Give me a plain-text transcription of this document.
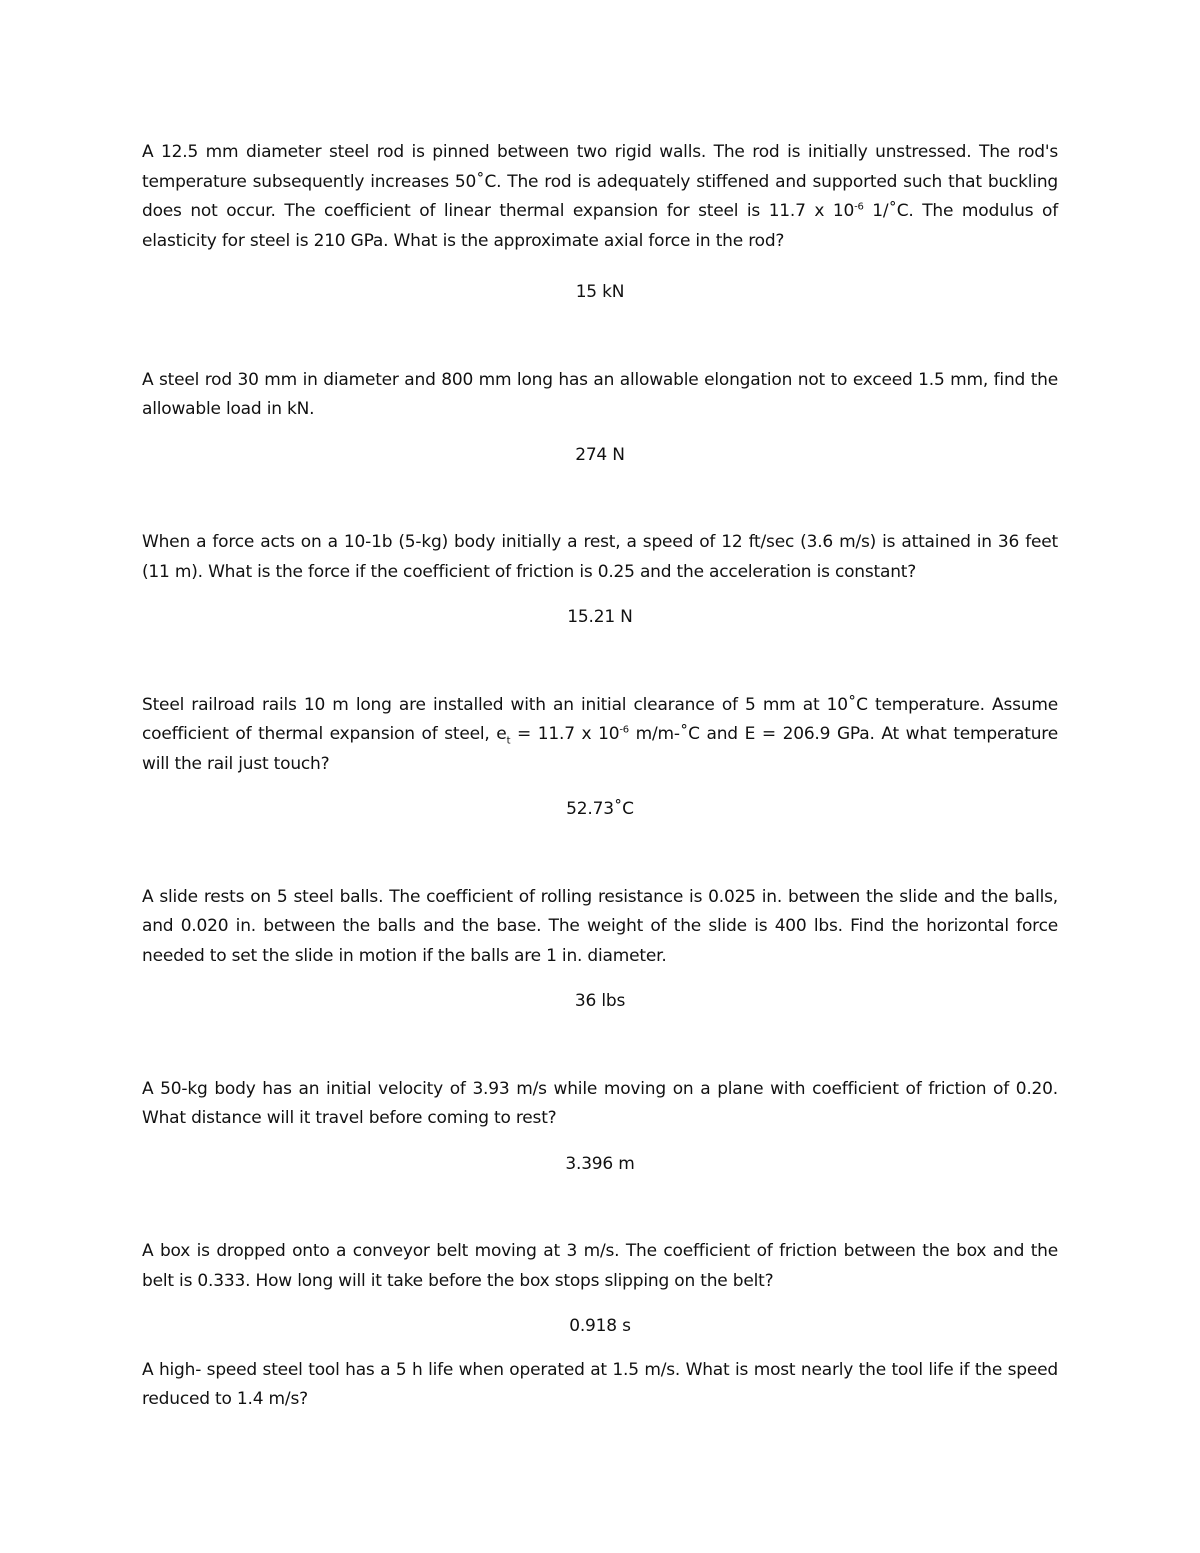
A 12.5 mm diameter steel rod is pinned between two rigid walls. The rod is initially unstressed. The rod's temperature subsequently increases 50˚C. The rod is adequately stiffened and supported such that buckling does not occur. The coefficient of linear thermal expansion for steel is 11.7 x $10^{-6}$ 1/˚C. The modulus of elasticity for steel is 210 GPa. What is the approximate axial force in the rod?

15 kN

A steel rod 30 mm in diameter and 800 mm long has an allowable elongation not to exceed 1.5 mm, find the allowable load in kN.

274 N

When a force acts on a 10-1b (5-kg) body initially a rest, a speed of 12 ft/sec (3.6 m/s) is attained in 36 feet (11 m). What is the force if the coefficient of friction is 0.25 and the acceleration is constant?

15.21 N

Steel railroad rails 10 m long are installed with an initial clearance of 5 mm at 10˚C temperature. Assume coefficient of thermal expansion of steel, $e_t = 11.7$ x $10^{-6}$ m/m-˚C and E = 206.9 GPa. At what temperature will the rail just touch?

52.73˚C

A slide rests on 5 steel balls. The coefficient of rolling resistance is 0.025 in. between the slide and the balls, and 0.020 in. between the balls and the base. The weight of the slide is 400 lbs. Find the horizontal force needed to set the slide in motion if the balls are 1 in. diameter.

36 lbs

A 50-kg body has an initial velocity of 3.93 m/s while moving on a plane with coefficient of friction of 0.20. What distance will it travel before coming to rest?

3.396 m

A box is dropped onto a conveyor belt moving at 3 m/s. The coefficient of friction between the box and the belt is 0.333. How long will it take before the box stops slipping on the belt?

0.918 s

A high- speed steel tool has a 5 h life when operated at 1.5 m/s. What is most nearly the tool life if the speed reduced to 1.4 m/s?
